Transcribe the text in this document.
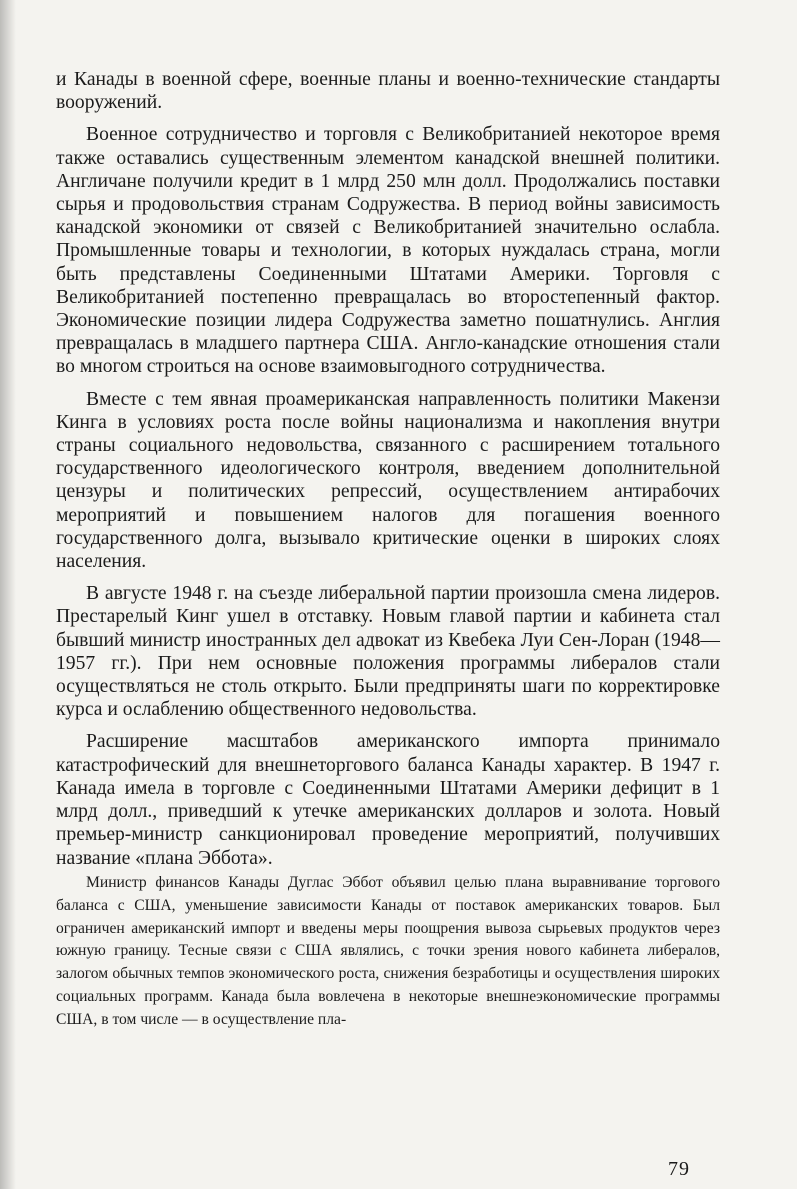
и Канады в военной сфере, военные планы и военно-технические стандарты вооружений.

Военное сотрудничество и торговля с Великобританией некоторое время также оставались существенным элементом канадской внешней политики. Англичане получили кредит в 1 млрд 250 млн долл. Продолжались поставки сырья и продовольствия странам Содружества. В период войны зависимость канадской экономики от связей с Великобританией значительно ослабла. Промышленные товары и технологии, в которых нуждалась страна, могли быть представлены Соединенными Штатами Америки. Торговля с Великобританией постепенно превращалась во второстепенный фактор. Экономические позиции лидера Содружества заметно пошатнулись. Англия превращалась в младшего партнера США. Англо-канадские отношения стали во многом строиться на основе взаимовыгодного сотрудничества.

Вместе с тем явная проамериканская направленность политики Макензи Кинга в условиях роста после войны национализма и накопления внутри страны социального недовольства, связанного с расширением тотального государственного идеологического контроля, введением дополнительной цензуры и политических репрессий, осуществлением антирабочих мероприятий и повышением налогов для погашения военного государственного долга, вызывало критические оценки в широких слоях населения.

В августе 1948 г. на съезде либеральной партии произошла смена лидеров. Престарелый Кинг ушел в отставку. Новым главой партии и кабинета стал бывший министр иностранных дел адвокат из Квебека Луи Сен-Лоран (1948—1957 гг.). При нем основные положения программы либералов стали осуществляться не столь открыто. Были предприняты шаги по корректировке курса и ослаблению общественного недовольства.

Расширение масштабов американского импорта принимало катастрофический для внешнеторгового баланса Канады характер. В 1947 г. Канада имела в торговле с Соединенными Штатами Америки дефицит в 1 млрд долл., приведший к утечке американских долларов и золота. Новый премьер-министр санкционировал проведение мероприятий, получивших название «плана Эббота».

Министр финансов Канады Дуглас Эббот объявил целью плана выравнивание торгового баланса с США, уменьшение зависимости Канады от поставок американских товаров. Был ограничен американский импорт и введены меры поощрения вывоза сырьевых продуктов через южную границу. Тесные связи с США являлись, с точки зрения нового кабинета либералов, залогом обычных темпов экономического роста, снижения безработицы и осуществления широких социальных программ. Канада была вовлечена в некоторые внешнеэкономические программы США, в том числе — в осуществление пла-

79
